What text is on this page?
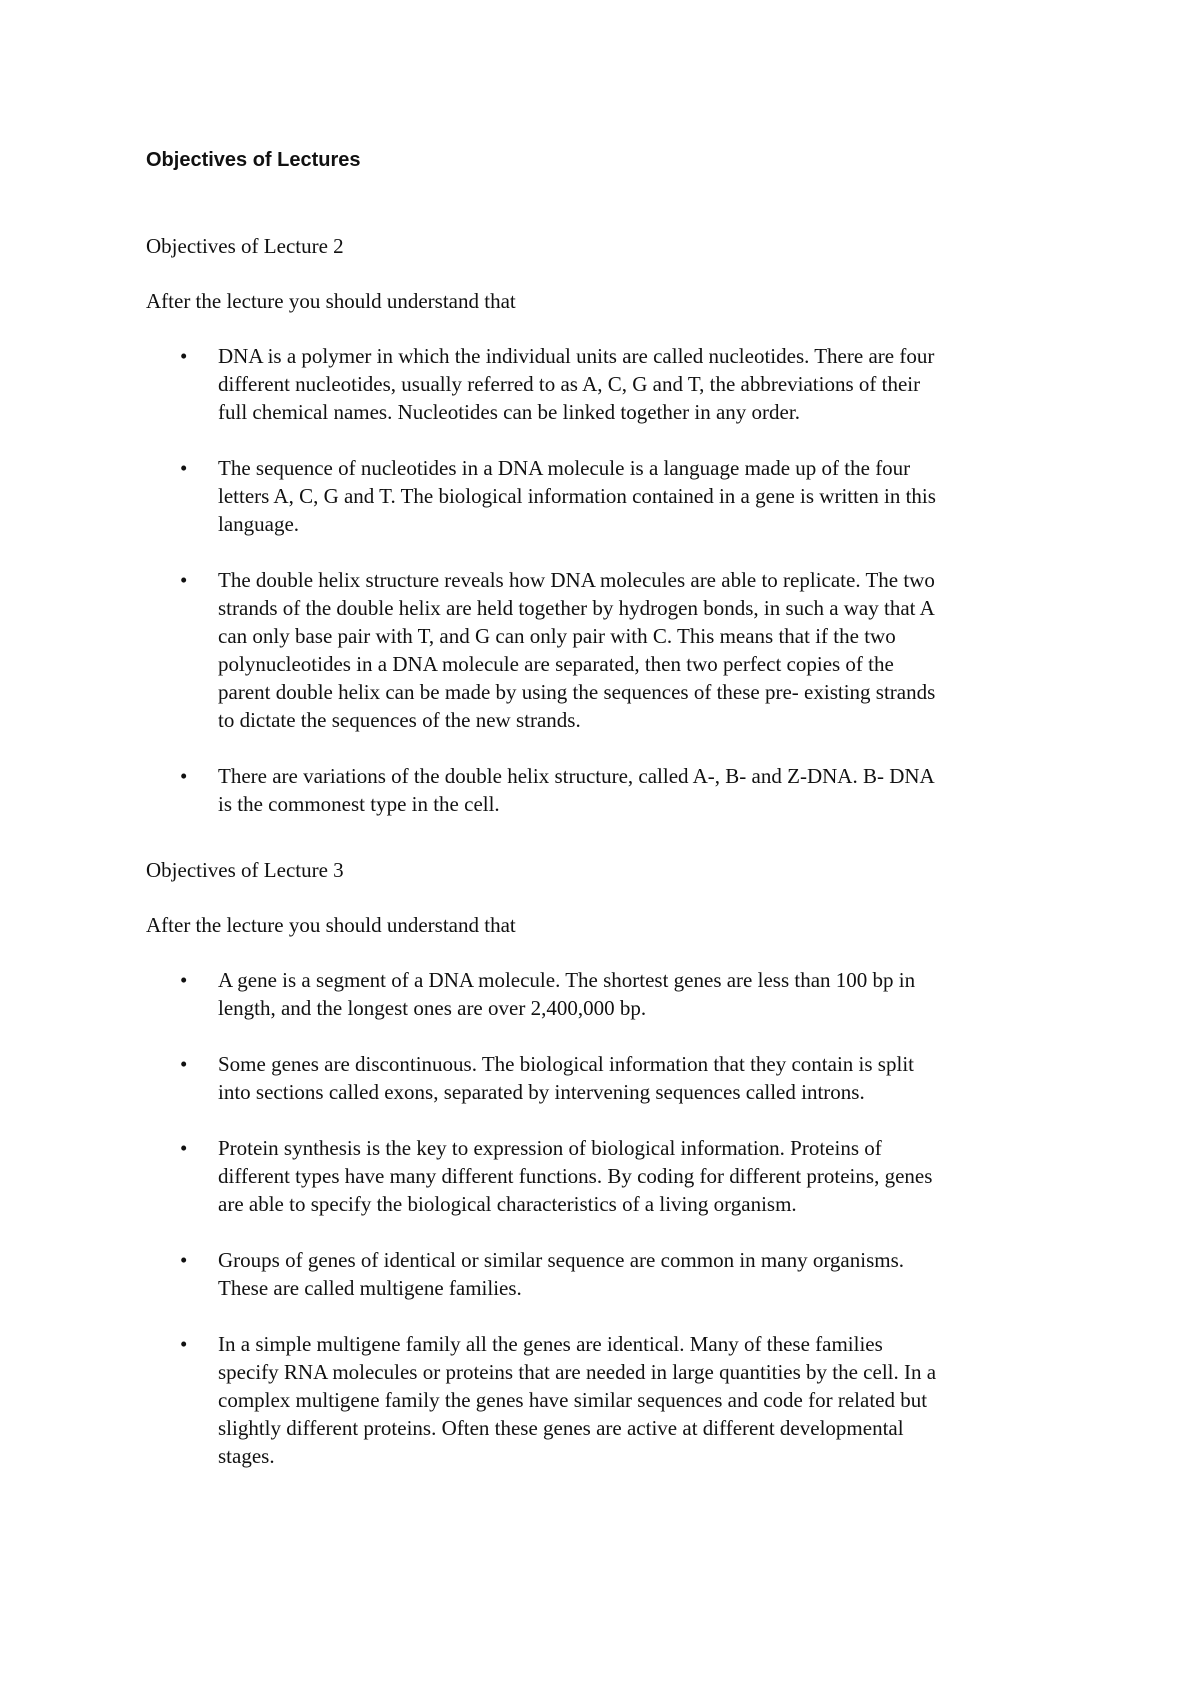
Objectives of Lectures
Objectives of Lecture 2

After the lecture you should understand that

• DNA is a polymer in which the individual units are called nucleotides. There are four
different nucleotides, usually referred to as A, C, G and T, the abbreviations of their
full chemical names. Nucleotides can be linked together in any order.
• The sequence of nucleotides in a DNA molecule is a language made up of the four
letters A, C, G and T. The biological information contained in a gene is written in this
language.
• The double helix structure reveals how DNA molecules are able to replicate. The two
strands of the double helix are held together by hydrogen bonds, in such a way that A
can only base pair with T, and G can only pair with C. This means that if the two
polynucleotides in a DNA molecule are separated, then two perfect copies of the
parent double helix can be made by using the sequences of these pre- existing strands
to dictate the sequences of the new strands.
• There are variations of the double helix structure, called A-, B- and Z-DNA. B- DNA
is the commonest type in the cell.
Objectives of Lecture 3

After the lecture you should understand that

• A gene is a segment of a DNA molecule. The shortest genes are less than 100 bp in
length, and the longest ones are over 2,400,000 bp.
• Some genes are discontinuous. The biological information that they contain is split
into sections called exons, separated by intervening sequences called introns.
• Protein synthesis is the key to expression of biological information. Proteins of
different types have many different functions. By coding for different proteins, genes
are able to specify the biological characteristics of a living organism.
• Groups of genes of identical or similar sequence are common in many organisms.
These are called multigene families.
• In a simple multigene family all the genes are identical. Many of these families
specify RNA molecules or proteins that are needed in large quantities by the cell. In a
complex multigene family the genes have similar sequences and code for related but
slightly different proteins. Often these genes are active at different developmental
stages.
